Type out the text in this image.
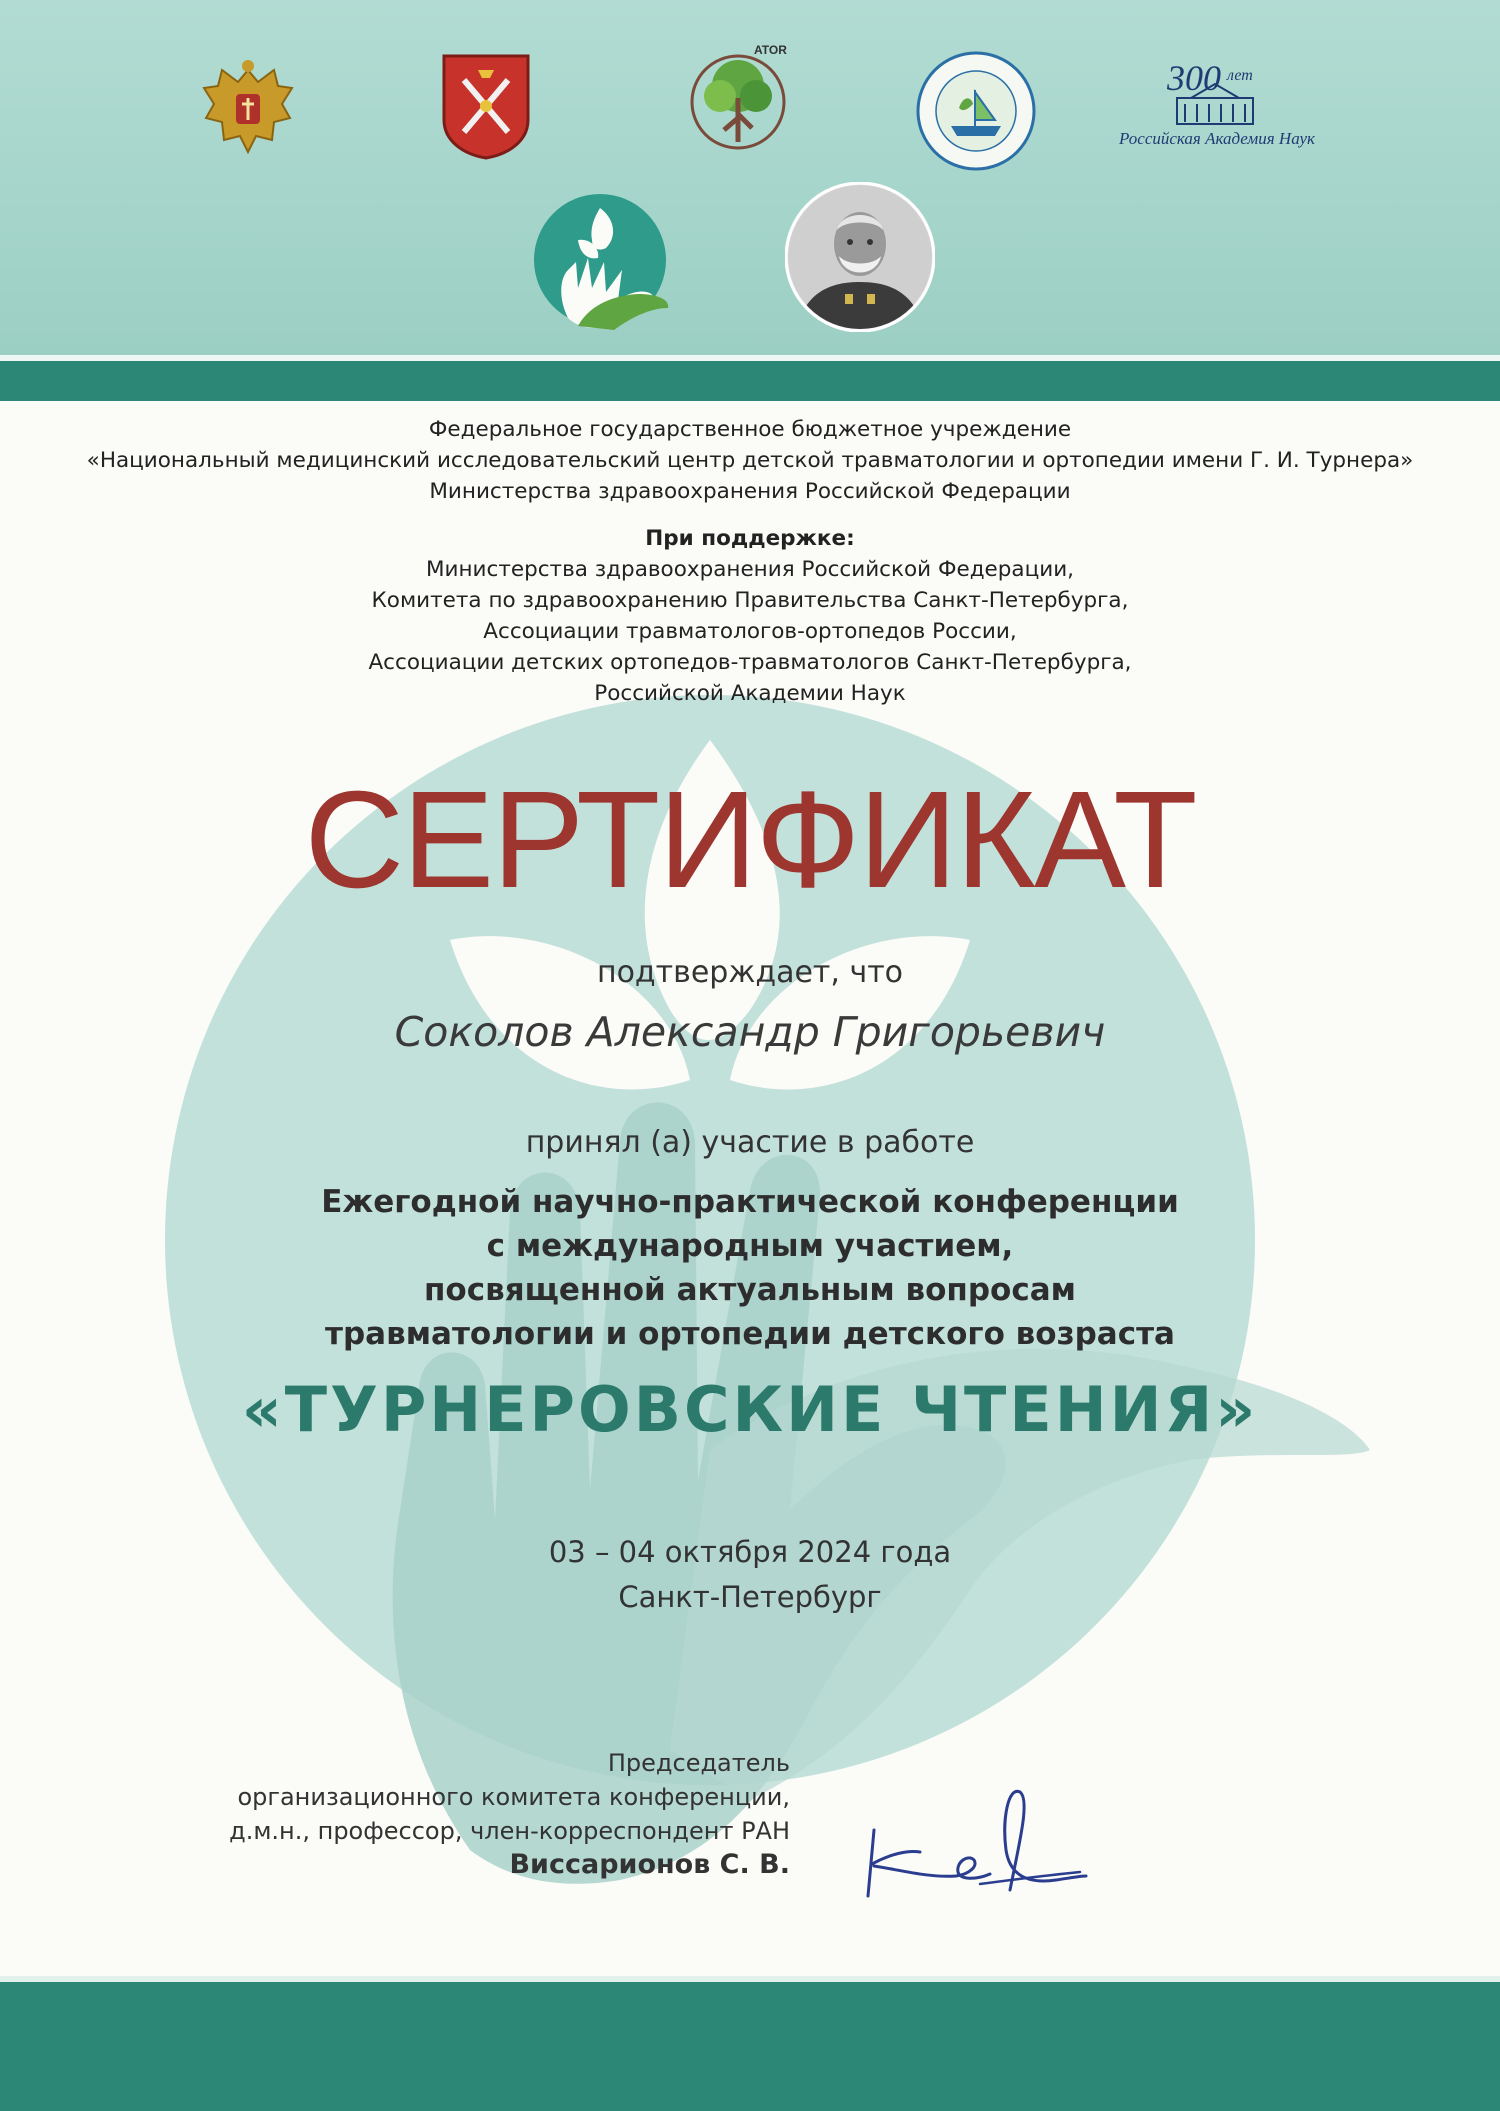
ATOR
300 лет
Российская Академия Наук

Федеральное государственное бюджетное учреждение

«Национальный медицинский исследовательский центр детской травматологии и ортопедии имени Г. И. Турнера»

Министерства здравоохранения Российской Федерации

При поддержке:

Министерства здравоохранения Российской Федерации,

Комитета по здравоохранению Правительства Санкт-Петербурга,

Ассоциации травматологов-ортопедов России,

Ассоциации детских ортопедов-травматологов Санкт-Петербурга,

Российской Академии Наук

СЕРТИФИКАТ
подтверждает, что
Соколов Александр Григорьевич
принял (а) участие в работе
Ежегодной научно-практической конференции
с международным участием,
посвященной актуальным вопросам
травматологии и ортопедии детского возраста
«ТУРНЕРОВСКИЕ ЧТЕНИЯ»
03 – 04 октября 2024 года
Санкт-Петербург
Председатель
организационного комитета конференции,
д.м.н., профессор, член-корреспондент РАН
Виссарионов С. В.
